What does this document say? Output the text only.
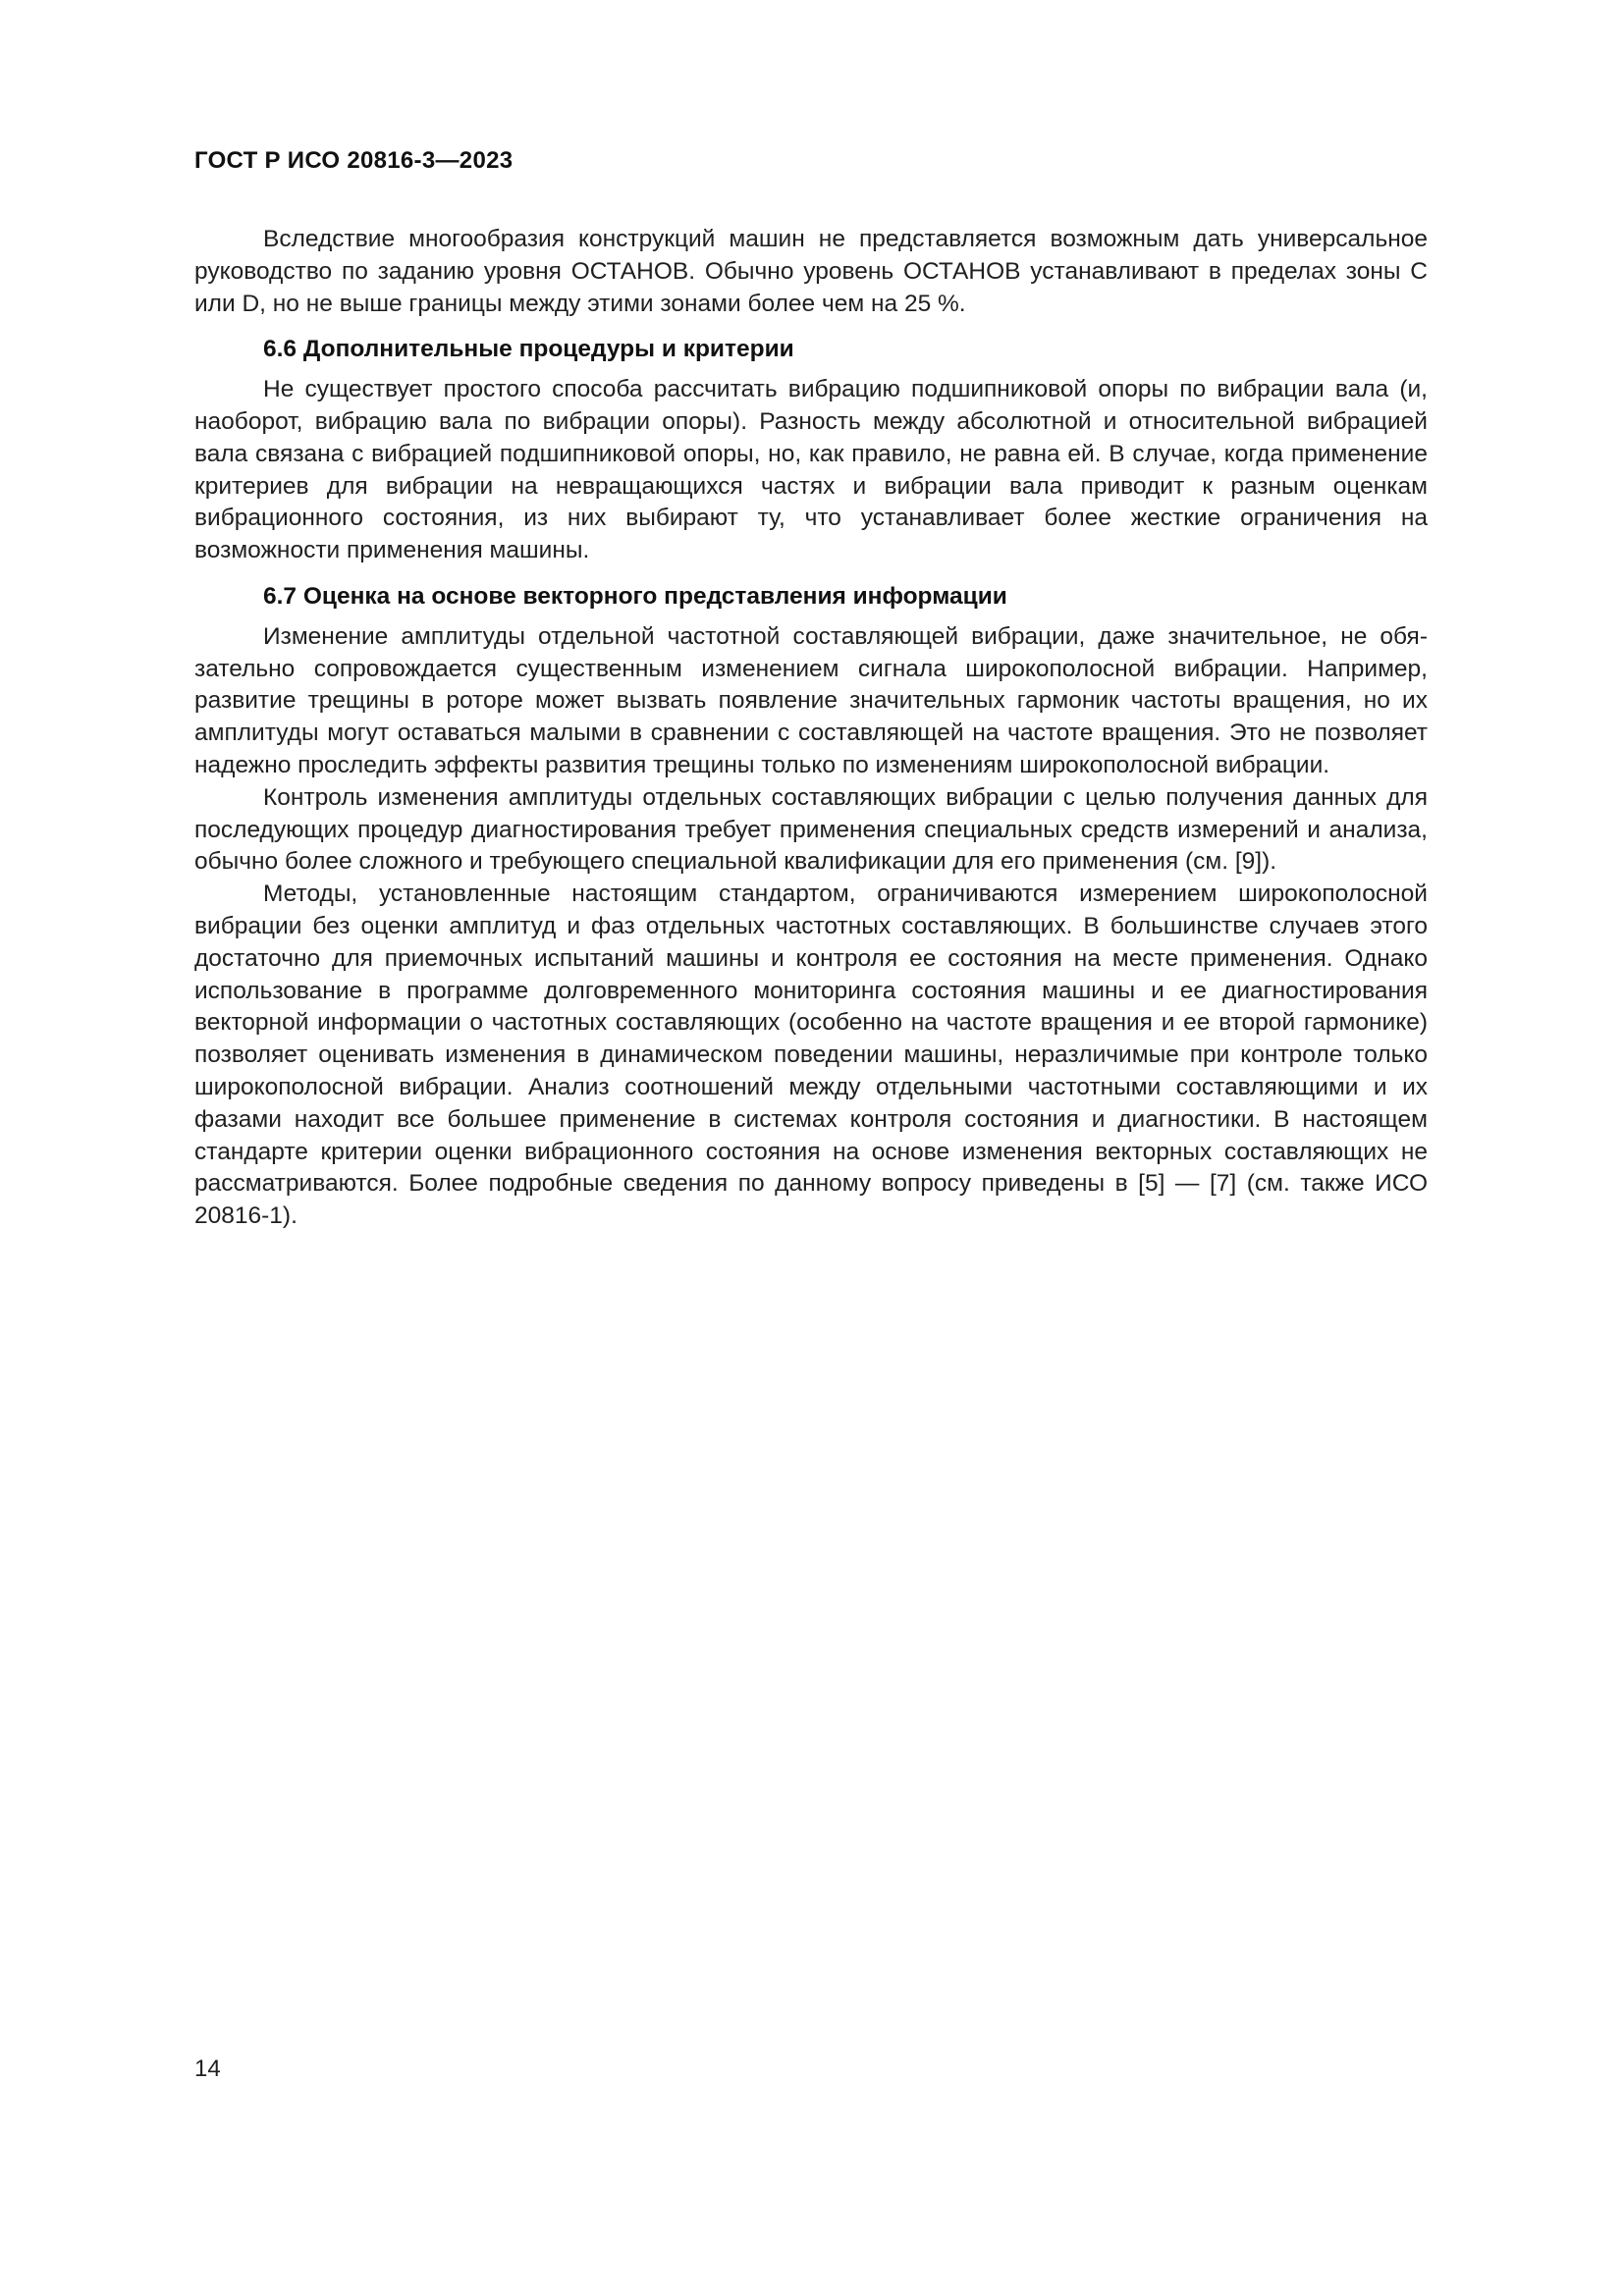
ГОСТ Р ИСО 20816-3—2023

Вследствие многообразия конструкций машин не представляется возможным дать универсальное руководство по заданию уровня ОСТАНОВ. Обычно уровень ОСТАНОВ устанавливают в пределах зоны С или D, но не выше границы между этими зонами более чем на 25 %.

6.6 Дополнительные процедуры и критерии

Не существует простого способа рассчитать вибрацию подшипниковой опоры по вибрации вала (и, наоборот, вибрацию вала по вибрации опоры). Разность между абсолютной и относительной вибрацией вала связана с вибрацией подшипниковой опоры, но, как правило, не равна ей. В случае, когда применение критериев для вибрации на невращающихся частях и вибрации вала приводит к разным оценкам вибрационного состояния, из них выбирают ту, что устанавливает более жесткие ограничения на возможности применения машины.

6.7 Оценка на основе векторного представления информации

Изменение амплитуды отдельной частотной составляющей вибрации, даже значительное, не обязательно сопровождается существенным изменением сигнала широкополосной вибрации. Например, развитие трещины в роторе может вызвать появление значительных гармоник частоты вращения, но их амплитуды могут оставаться малыми в сравнении с составляющей на частоте вращения. Это не позволяет надежно проследить эффекты развития трещины только по изменениям широкополосной вибрации.

Контроль изменения амплитуды отдельных составляющих вибрации с целью получения данных для последующих процедур диагностирования требует применения специальных средств измерений и анализа, обычно более сложного и требующего специальной квалификации для его применения (см. [9]).

Методы, установленные настоящим стандартом, ограничиваются измерением широкополосной вибрации без оценки амплитуд и фаз отдельных частотных составляющих. В большинстве случаев этого достаточно для приемочных испытаний машины и контроля ее состояния на месте применения. Однако использование в программе долговременного мониторинга состояния машины и ее диагностирования векторной информации о частотных составляющих (особенно на частоте вращения и ее второй гармонике) позволяет оценивать изменения в динамическом поведении машины, неразличимые при контроле только широкополосной вибрации. Анализ соотношений между отдельными частотными составляющими и их фазами находит все большее применение в системах контроля состояния и диагностики. В настоящем стандарте критерии оценки вибрационного состояния на основе изменения векторных составляющих не рассматриваются. Более подробные сведения по данному вопросу приведены в [5] — [7] (см. также ИСО 20816-1).

14
